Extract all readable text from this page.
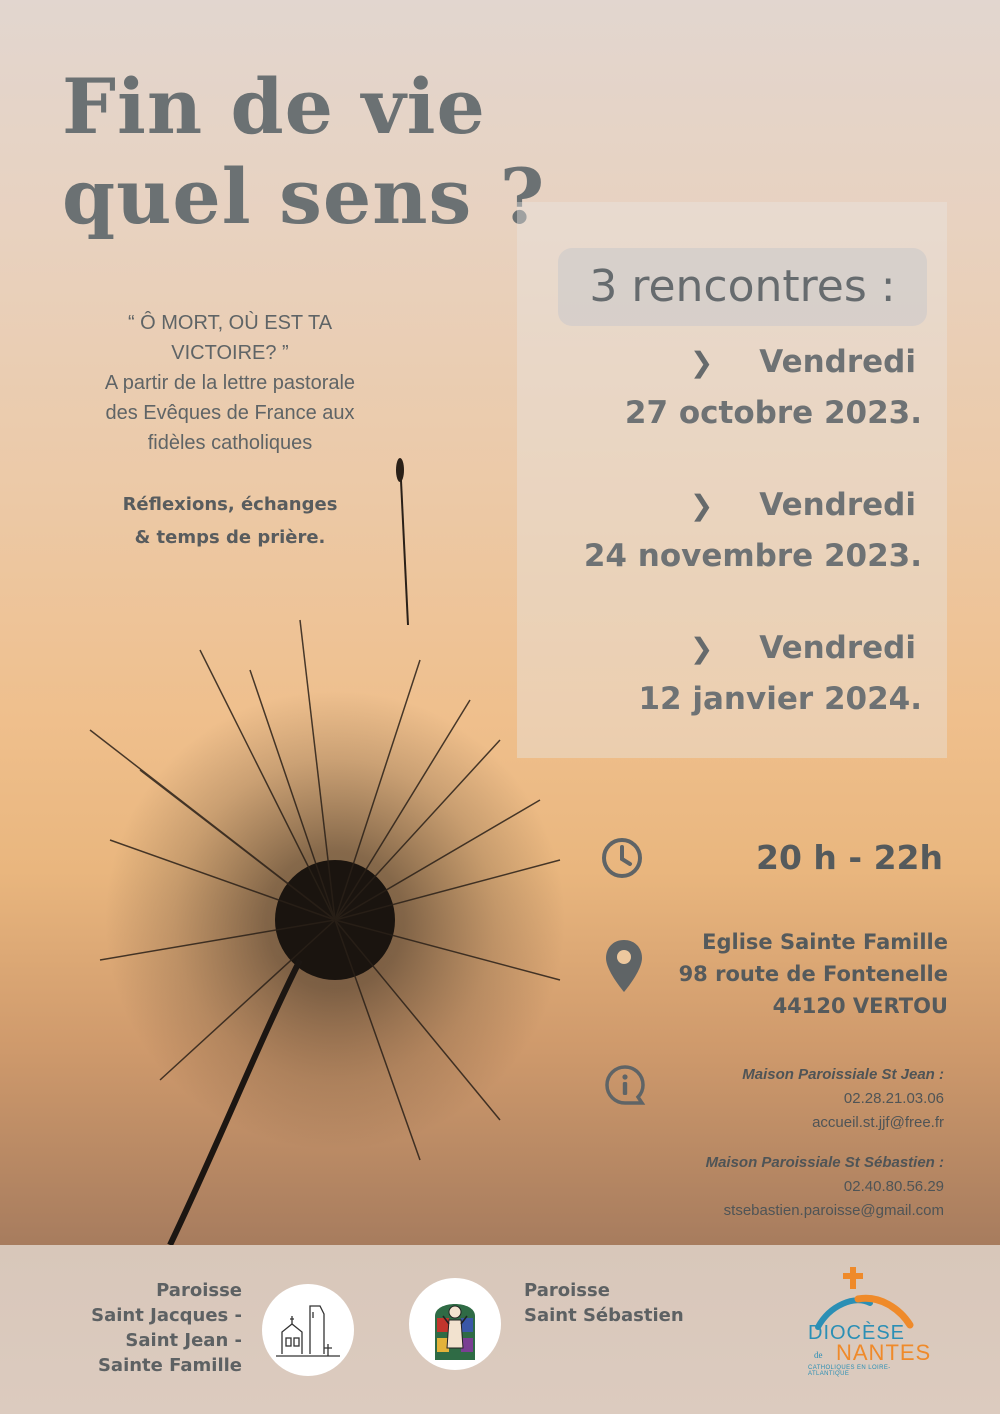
Fin de vie
quel sens ?
“ Ô MORT, OÙ EST TA
VICTOIRE? ”
A partir de la lettre pastorale
des Evêques de France aux
fidèles catholiques
Réflexions, échanges
& temps de prière.
3 rencontres :
❯ Vendredi
27 octobre 2023.
❯ Vendredi
24 novembre 2023.
❯ Vendredi
12 janvier 2024.
20 h - 22h
Eglise Sainte Famille
98 route de Fontenelle
44120 VERTOU
Maison Paroissiale St Jean :
02.28.21.03.06
accueil.st.jjf@free.fr
Maison Paroissiale St Sébastien :
02.40.80.56.29
stsebastien.paroisse@gmail.com
Paroisse
Saint Jacques -
Saint Jean -
Sainte Famille
Paroisse
Saint Sébastien
DIOCÈSE
de NANTES
CATHOLIQUES EN LOIRE-ATLANTIQUE
